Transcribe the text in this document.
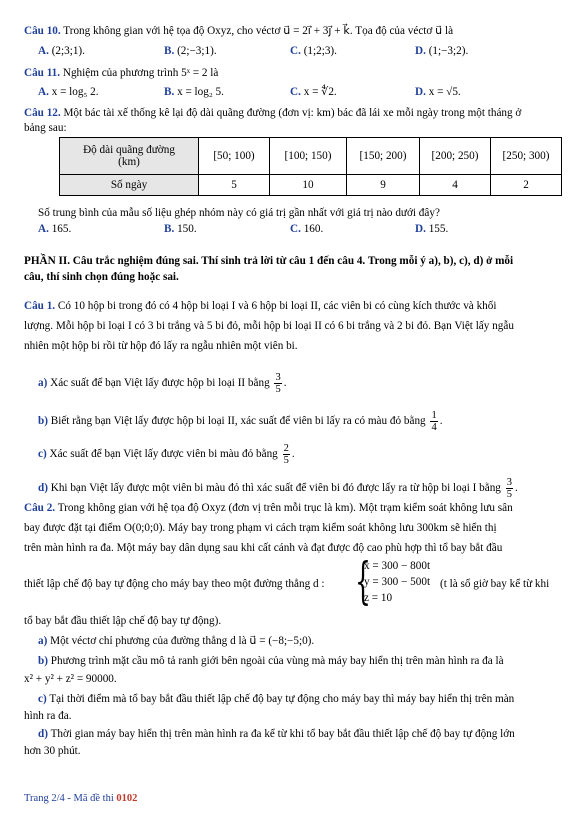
Câu 10. Trong không gian với hệ tọa độ Oxyz, cho véctơ u⃗ = 2i⃗ + 3j⃗ + k⃗. Tọa độ của véctơ u⃗ là
A. (2;3;1).	B. (2;−3;1).	C. (1;2;3).	D. (1;−3;2).
Câu 11. Nghiệm của phương trình 5ˣ = 2 là
A. x = log₅ 2.	B. x = log₂ 5.	C. x = ∜2.	D. x = √5.
Câu 12. Một bác tài xế thống kê lại độ dài quãng đường (đơn vị: km) bác đã lái xe mỗi ngày trong một tháng ở
bảng sau:
Độ dài quãng đường
(km)	[50; 100)	[100; 150)	[150; 200)	[200; 250)	[250; 300)
Số ngày	5	10	9	4	2
Số trung bình của mẫu số liệu ghép nhóm này có giá trị gần nhất với giá trị nào dưới đây?
A. 165.	B. 150.	C. 160.	D. 155.
PHẦN II. Câu trắc nghiệm đúng sai. Thí sinh trả lời từ câu 1 đến câu 4. Trong mỗi ý a), b), c), d) ở mỗi
câu, thí sinh chọn đúng hoặc sai.
Câu 1. Có 10 hộp bi trong đó có 4 hộp bi loại I và 6 hộp bi loại II, các viên bi có cùng kích thước và khối
lượng. Mỗi hộp bi loại I có 3 bi trắng và 5 bi đỏ, mỗi hộp bi loại II có 6 bi trắng và 2 bi đỏ. Bạn Việt lấy ngẫu
nhiên một hộp bi rồi từ hộp đó lấy ra ngẫu nhiên một viên bi.
a) Xác suất để bạn Việt lấy được hộp bi loại II bằng $\frac{3}{5}$ .
b) Biết rằng bạn Việt lấy được hộp bi loại II, xác suất để viên bi lấy ra có màu đỏ bằng $\frac{1}{4}$ .
c) Xác suất để bạn Việt lấy được viên bi màu đỏ bằng $\frac{2}{5}$ .
d) Khi bạn Việt lấy được một viên bi màu đỏ thì xác suất để viên bi đó được lấy ra từ hộp bi loại I bằng $\frac{3}{5}$ .
Câu 2. Trong không gian với hệ tọa độ Oxyz (đơn vị trên mỗi trục là km). Một trạm kiểm soát không lưu sân
bay được đặt tại điểm O(0;0;0). Máy bay trong phạm vi cách trạm kiểm soát không lưu 300km sẽ hiển thị
trên màn hình ra đa. Một máy bay dân dụng sau khi cất cánh và đạt được độ cao phù hợp thì tổ bay bắt đầu
thiết lập chế độ bay tự động cho máy bay theo một đường thẳng d : {
x = 300 − 800t
y = 300 − 500t
z = 10
(t là số giờ bay kể từ khi
tổ bay bắt đầu thiết lập chế độ bay tự động).
a) Một véctơ chỉ phương của đường thẳng d là u⃗ = (−8;−5;0).
b) Phương trình mặt cầu mô tả ranh giới bên ngoài của vùng mà máy bay hiển thị trên màn hình ra đa là
x² + y² + z² = 90000.
c) Tại thời điểm mà tổ bay bắt đầu thiết lập chế độ bay tự động cho máy bay thì máy bay hiển thị trên màn
hình ra đa.
d) Thời gian máy bay hiển thị trên màn hình ra đa kể từ khi tổ bay bắt đầu thiết lập chế độ bay tự động lớn
hơn 30 phút.
Trang 2/4 - Mã đề thi 0102
